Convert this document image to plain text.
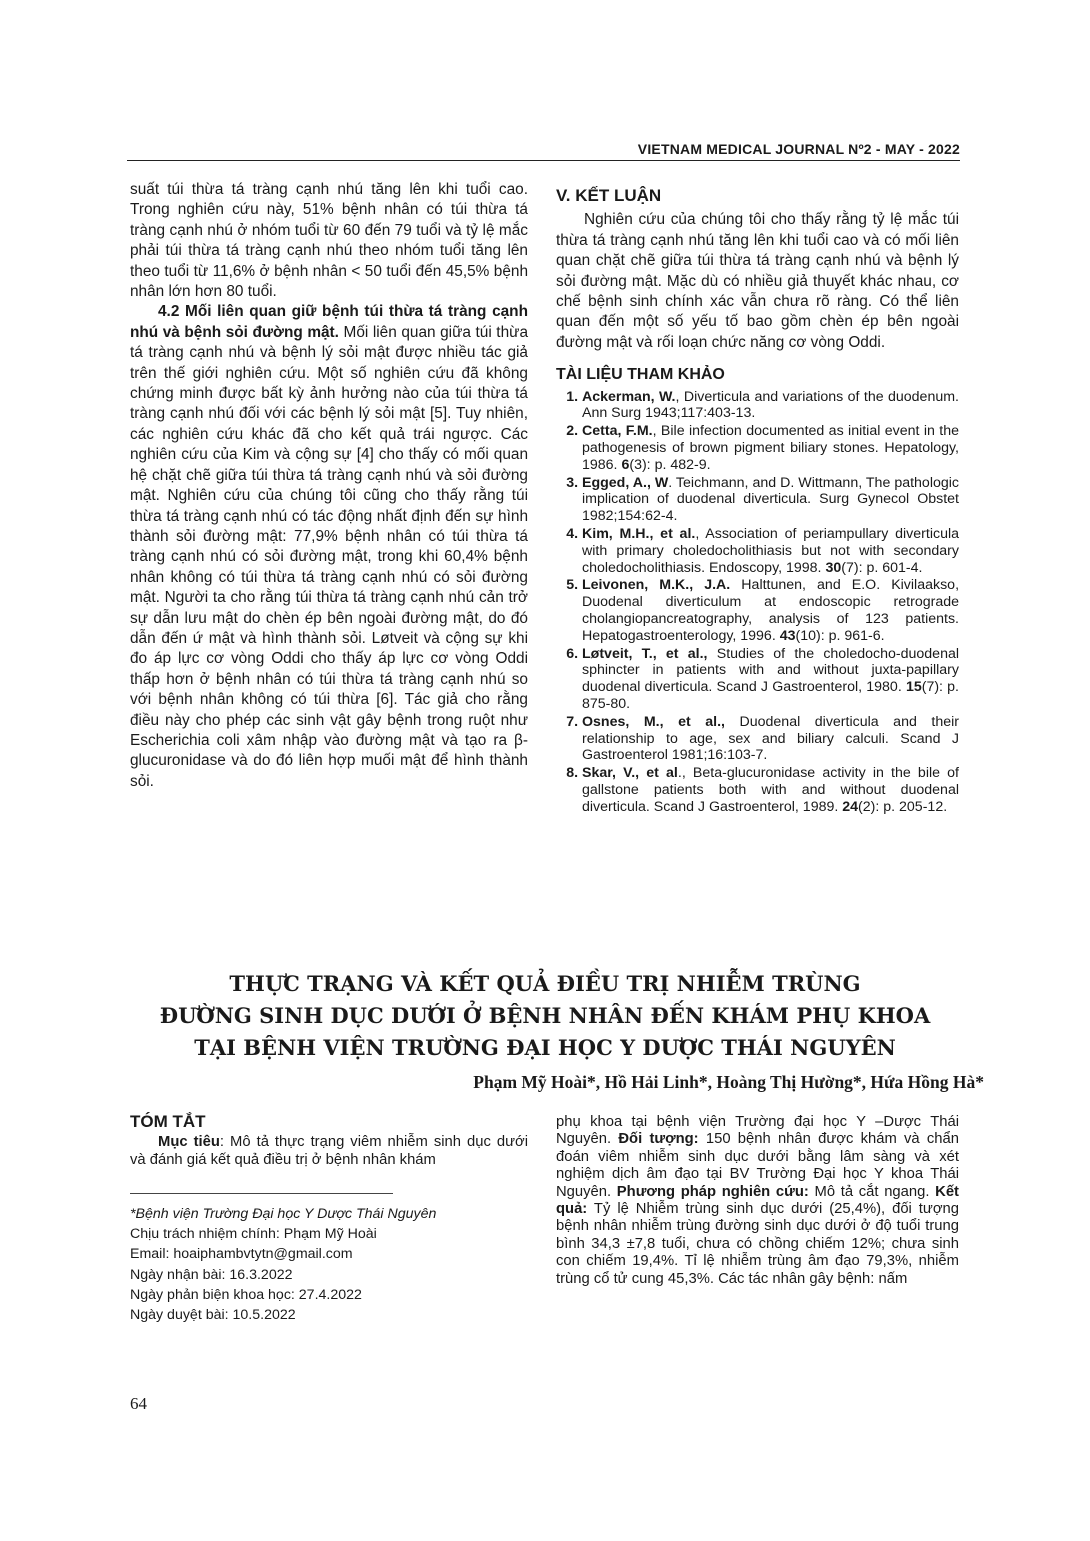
VIETNAM MEDICAL JOURNAL Nº2 - MAY - 2022

suất túi thừa tá tràng cạnh nhú tăng lên khi tuổi cao. Trong nghiên cứu này, 51% bệnh nhân có túi thừa tá tràng cạnh nhú ở nhóm tuổi từ 60 đến 79 tuổi và tỷ lệ mắc phải túi thừa tá tràng cạnh nhú theo nhóm tuổi tăng lên theo tuổi từ 11,6% ở bệnh nhân < 50 tuổi đến 45,5% bệnh nhân lớn hơn 80 tuổi.

4.2 Mối liên quan giữ bệnh túi thừa tá tràng cạnh nhú và bệnh sỏi đường mật. Mối liên quan giữa túi thừa tá tràng cạnh nhú và bệnh lý sỏi mật được nhiều tác giả trên thế giới nghiên cứu. Một số nghiên cứu đã không chứng minh được bất kỳ ảnh hưởng nào của túi thừa tá tràng cạnh nhú đối với các bệnh lý sỏi mật [5]. Tuy nhiên, các nghiên cứu khác đã cho kết quả trái ngược. Các nghiên cứu của Kim và cộng sự [4] cho thấy có mối quan hệ chặt chẽ giữa túi thừa tá tràng cạnh nhú và sỏi đường mật. Nghiên cứu của chúng tôi cũng cho thấy rằng túi thừa tá tràng cạnh nhú có tác động nhất định đến sự hình thành sỏi đường mật: 77,9% bệnh nhân có túi thừa tá tràng cạnh nhú có sỏi đường mật, trong khi 60,4% bệnh nhân không có túi thừa tá tràng cạnh nhú có sỏi đường mật. Người ta cho rằng túi thừa tá tràng cạnh nhú cản trở sự dẫn lưu mật do chèn ép bên ngoài đường mật, do đó dẫn đến ứ mật và hình thành sỏi. Løtveit và cộng sự khi đo áp lực cơ vòng Oddi cho thấy áp lực cơ vòng Oddi thấp hơn ở bệnh nhân có túi thừa tá tràng cạnh nhú so với bệnh nhân không có túi thừa [6]. Tác giả cho rằng điều này cho phép các sinh vật gây bệnh trong ruột như Escherichia coli xâm nhập vào đường mật và tạo ra β-glucuronidase và do đó liên hợp muối mật để hình thành sỏi.

V. KẾT LUẬN

Nghiên cứu của chúng tôi cho thấy rằng tỷ lệ mắc túi thừa tá tràng cạnh nhú tăng lên khi tuổi cao và có mối liên quan chặt chẽ giữa túi thừa tá tràng cạnh nhú và bệnh lý sỏi đường mật. Mặc dù có nhiều giả thuyết khác nhau, cơ chế bệnh sinh chính xác vẫn chưa rõ ràng. Có thể liên quan đến một số yếu tố bao gồm chèn ép bên ngoài đường mật và rối loạn chức năng cơ vòng Oddi.

TÀI LIỆU THAM KHẢO
1. Ackerman, W., Diverticula and variations of the duodenum. Ann Surg 1943;117:403-13.
2. Cetta, F.M., Bile infection documented as initial event in the pathogenesis of brown pigment biliary stones. Hepatology, 1986. 6(3): p. 482-9.
3. Egged, A., W. Teichmann, and D. Wittmann, The pathologic implication of duodenal diverticula. Surg Gynecol Obstet 1982;154:62-4.
4. Kim, M.H., et al., Association of periampullary diverticula with primary choledocholithiasis but not with secondary choledocholithiasis. Endoscopy, 1998. 30(7): p. 601-4.
5. Leivonen, M.K., J.A. Halttunen, and E.O. Kivilaakso, Duodenal diverticulum at endoscopic retrograde cholangiopancreatography, analysis of 123 patients. Hepatogastroenterology, 1996. 43(10): p. 961-6.
6. Løtveit, T., et al., Studies of the choledocho-duodenal sphincter in patients with and without juxta-papillary duodenal diverticula. Scand J Gastroenterol, 1980. 15(7): p. 875-80.
7. Osnes, M., et al., Duodenal diverticula and their relationship to age, sex and biliary calculi. Scand J Gastroenterol 1981;16:103-7.
8. Skar, V., et al., Beta-glucuronidase activity in the bile of gallstone patients both with and without duodenal diverticula. Scand J Gastroenterol, 1989. 24(2): p. 205-12.
THỰC TRẠNG VÀ KẾT QUẢ ĐIỀU TRỊ NHIỄM TRÙNG
ĐƯỜNG SINH DỤC DƯỚI Ở BỆNH NHÂN ĐẾN KHÁM PHỤ KHOA
TẠI BỆNH VIỆN TRƯỜNG ĐẠI HỌC Y DƯỢC THÁI NGUYÊN
Phạm Mỹ Hoài*, Hồ Hải Linh*, Hoàng Thị Hường*, Hứa Hồng Hà*
TÓM TẮT

Mục tiêu: Mô tả thực trạng viêm nhiễm sinh dục dưới và đánh giá kết quả điều trị ở bệnh nhân khám

phụ khoa tại bệnh viện Trường đại học Y –Dược Thái Nguyên. Đối tượng: 150 bệnh nhân được khám và chẩn đoán viêm nhiễm sinh dục dưới bằng lâm sàng và xét nghiệm dịch âm đạo tại BV Trường Đại học Y khoa Thái Nguyên. Phương pháp nghiên cứu: Mô tả cắt ngang. Kết quả: Tỷ lệ Nhiễm trùng sinh dục dưới (25,4%), đối tượng bệnh nhân nhiễm trùng đường sinh dục dưới ở độ tuổi trung bình 34,3 ±7,8 tuổi, chưa có chồng chiếm 12%; chưa sinh con chiếm 19,4%. Tỉ lệ nhiễm trùng âm đạo 79,3%, nhiễm trùng cổ tử cung 45,3%. Các tác nhân gây bệnh: nấm

*Bệnh viện Trường Đại học Y Dược Thái Nguyên
Chịu trách nhiệm chính: Phạm Mỹ Hoài
Email: hoaiphambvtytn@gmail.com
Ngày nhận bài: 16.3.2022
Ngày phản biện khoa học: 27.4.2022
Ngày duyệt bài: 10.5.2022
64
